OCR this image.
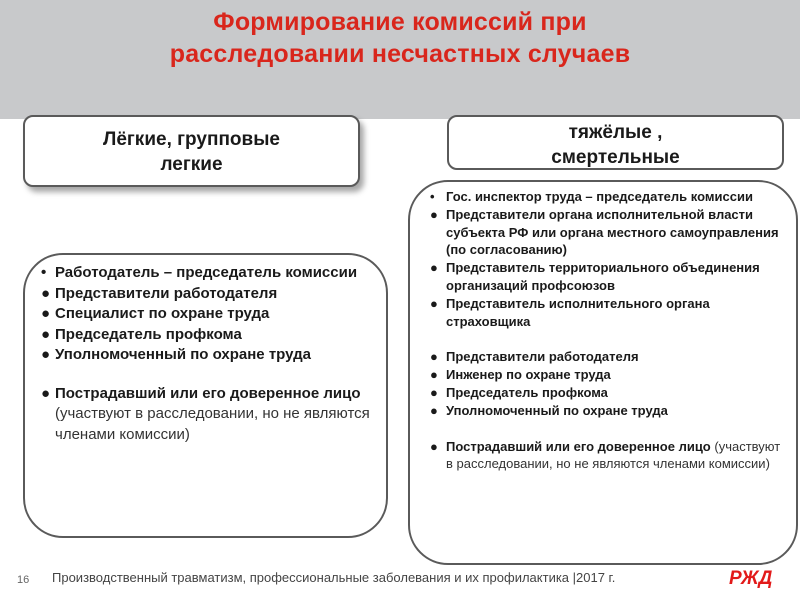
Формирование комиссий при
расследовании несчастных случаев
Лёгкие, групповые
легкие
тяжёлые ,
смертельные
• Работодатель – председатель комиссии
● Представители работодателя
● Специалист по охране труда
● Председатель профкома
● Уполномоченный по охране труда
● Пострадавший или его доверенное лицо (участвуют в расследовании, но не являются членами комиссии)
• Гос. инспектор труда – председатель комиссии
● Представители органа исполнительной власти субъекта РФ или органа местного самоуправления (по согласованию)
● Представитель территориального объединения организаций профсоюзов
● Представитель исполнительного органа страховщика
● Представители работодателя
● Инженер по охране труда
● Председатель профкома
● Уполномоченный по охране труда
● Пострадавший или его доверенное лицо (участвуют в расследовании, но не являются членами комиссии)
16 Производственный травматизм, профессиональные заболевания и их профилактика |2017 г.	РЖД
